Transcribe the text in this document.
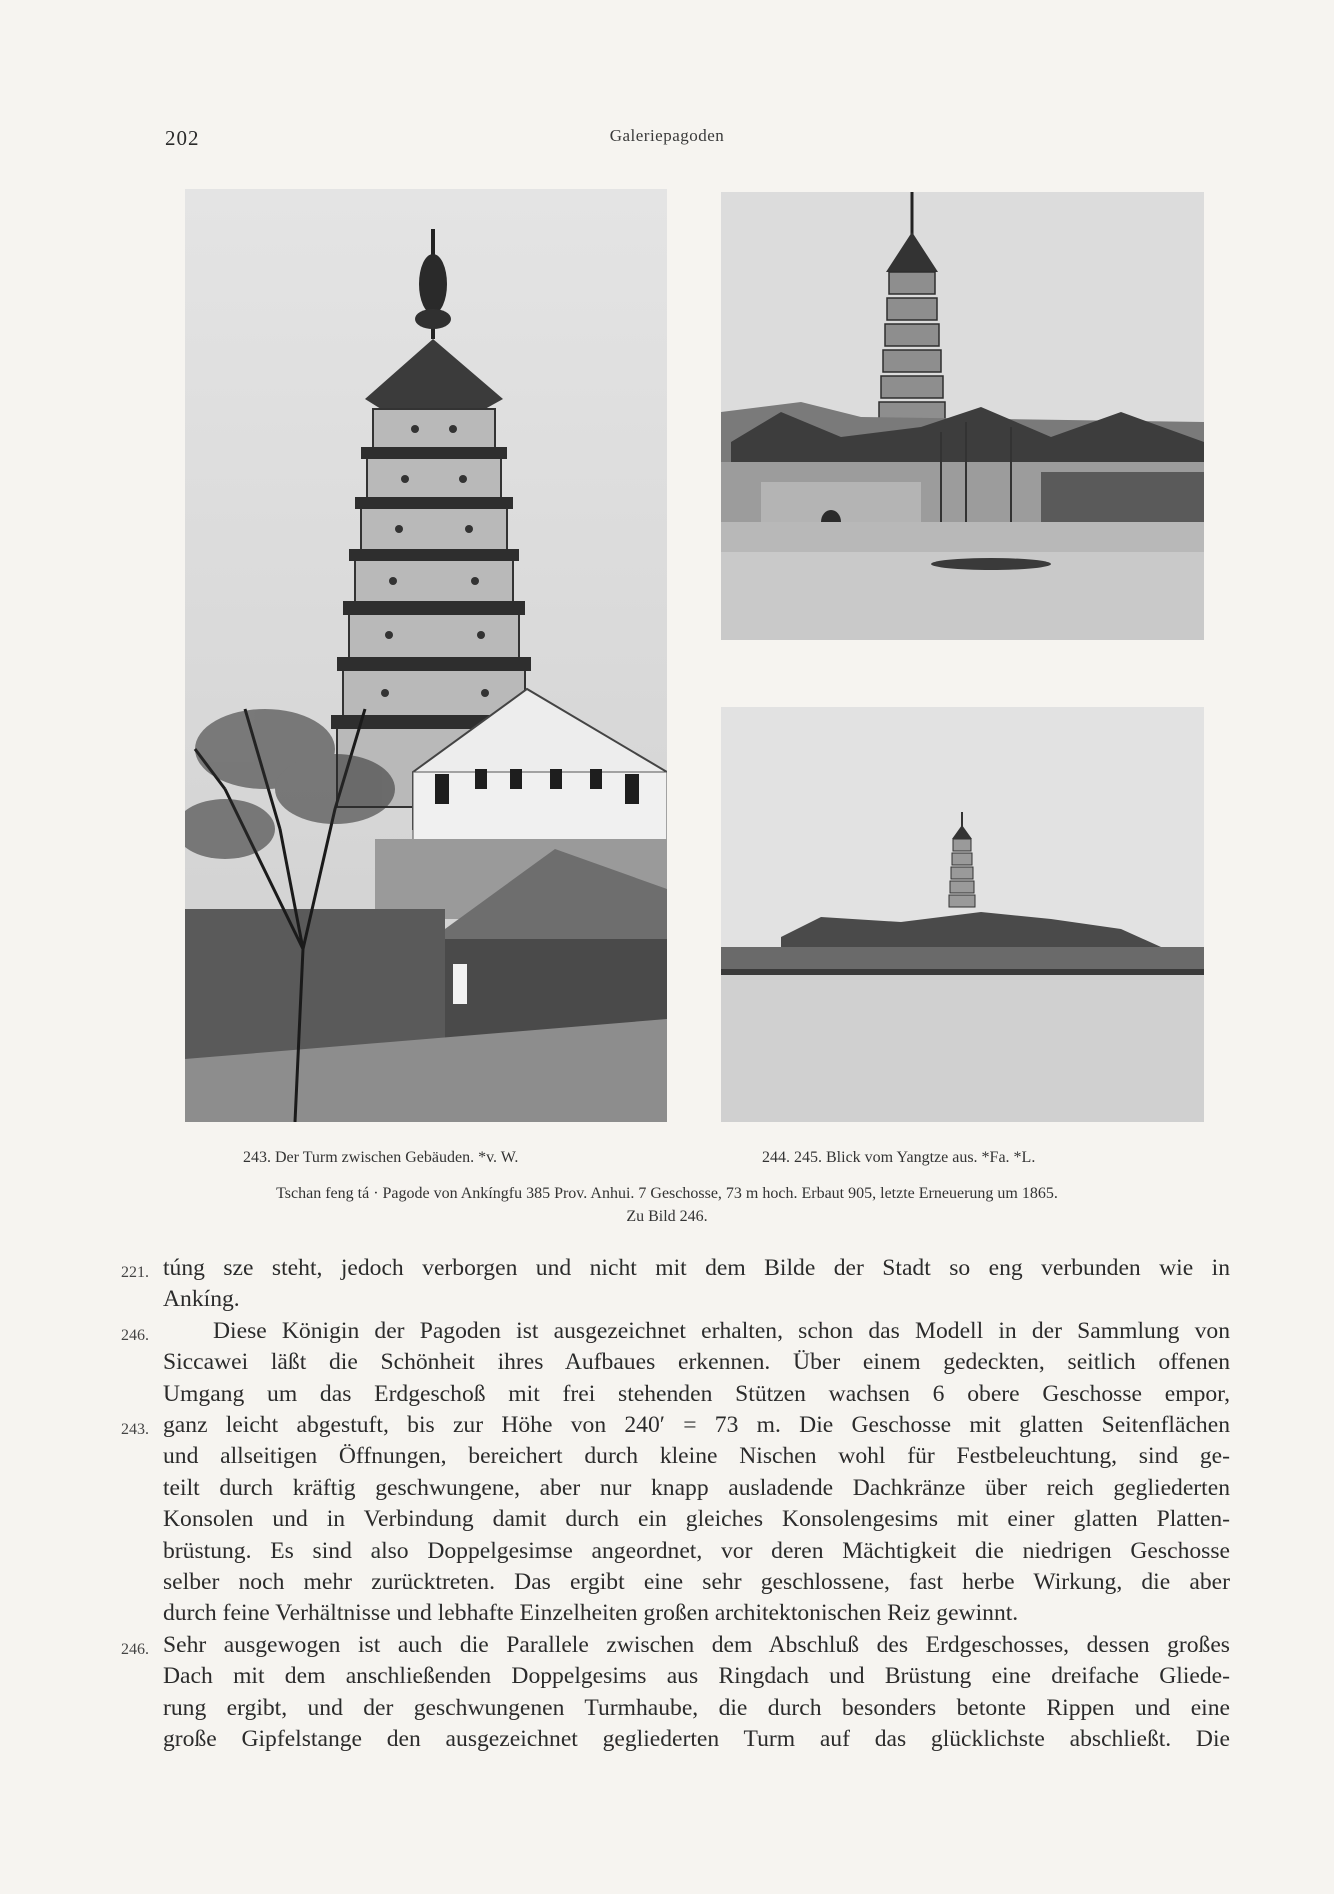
202	Galeriepagoden
243. Der Turm zwischen Gebäuden. *v. W.	244. 245. Blick vom Yangtze aus. *Fa. *L.
Tschan feng tá · Pagode von Ankíngfu 385 Prov. Anhui. 7 Geschosse, 73 m hoch. Erbaut 905, letzte Erneuerung um 1865.
Zu Bild 246.
221. túng sze steht, jedoch verborgen und nicht mit dem Bilde der Stadt so eng verbunden wie in
Ankíng.
246.	Diese Königin der Pagoden ist ausgezeichnet erhalten, schon das Modell in der Sammlung von
Siccawei läßt die Schönheit ihres Aufbaues erkennen. Über einem gedeckten, seitlich offenen
Umgang um das Erdgeschoß mit frei stehenden Stützen wachsen 6 obere Geschosse empor,
243. ganz leicht abgestuft, bis zur Höhe von 240′ = 73 m. Die Geschosse mit glatten Seitenflächen
und allseitigen Öffnungen, bereichert durch kleine Nischen wohl für Festbeleuchtung, sind ge-
teilt durch kräftig geschwungene, aber nur knapp ausladende Dachkränze über reich gegliederten
Konsolen und in Verbindung damit durch ein gleiches Konsolengesims mit einer glatten Platten-
brüstung. Es sind also Doppelgesimse angeordnet, vor deren Mächtigkeit die niedrigen Geschosse
selber noch mehr zurücktreten. Das ergibt eine sehr geschlossene, fast herbe Wirkung, die aber
durch feine Verhältnisse und lebhafte Einzelheiten großen architektonischen Reiz gewinnt.
246. Sehr ausgewogen ist auch die Parallele zwischen dem Abschluß des Erdgeschosses, dessen großes
Dach mit dem anschließenden Doppelgesims aus Ringdach und Brüstung eine dreifache Gliede-
rung ergibt, und der geschwungenen Turmhaube, die durch besonders betonte Rippen und eine
große Gipfelstange den ausgezeichnet gegliederten Turm auf das glücklichste abschließt. Die
